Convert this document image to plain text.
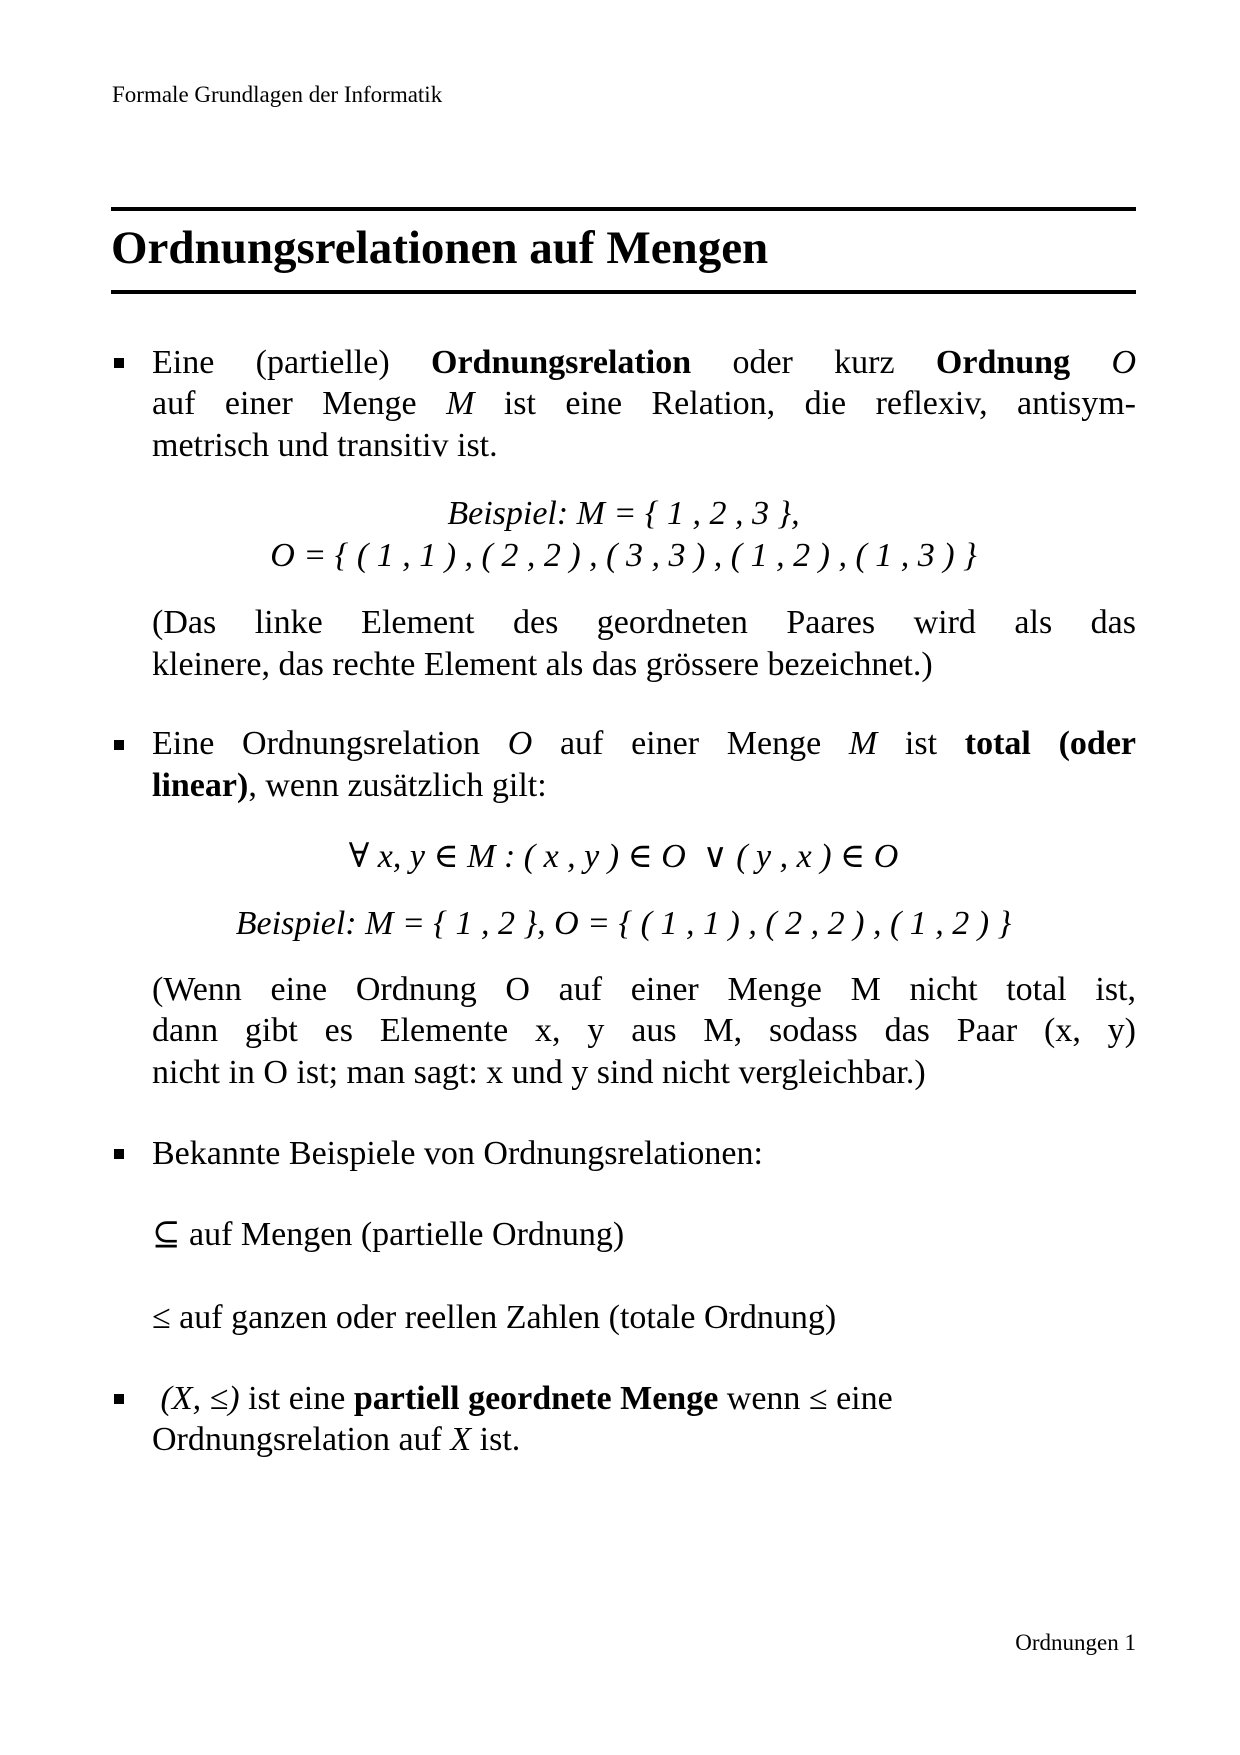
Formale Grundlagen der Informatik
Ordnungsrelationen auf Mengen
Eine (partielle) Ordnungsrelation oder kurz Ordnung O
auf einer Menge M ist eine Relation, die reflexiv, antisym-
metrisch und transitiv ist.
Beispiel: M = { 1 , 2 , 3 },
O = { ( 1 , 1 ) , ( 2 , 2 ) , ( 3 , 3 ) , ( 1 , 2 ) , ( 1 , 3 ) }
(Das linke Element des geordneten Paares wird als das
kleinere, das rechte Element als das grössere bezeichnet.)
Eine Ordnungsrelation O auf einer Menge M ist total (oder
linear), wenn zusätzlich gilt:
∀ x, y ∈ M : ( x , y ) ∈ O  ∨ ( y , x ) ∈ O
Beispiel: M = { 1 , 2 }, O = { ( 1 , 1 ) , ( 2 , 2 ) , ( 1 , 2 ) }
(Wenn eine Ordnung O auf einer Menge M nicht total ist,
dann gibt es Elemente x, y aus M, sodass das Paar (x, y)
nicht in O ist; man sagt: x und y sind nicht vergleichbar.)
Bekannte Beispiele von Ordnungsrelationen:
⊆ auf Mengen (partielle Ordnung)
≤ auf ganzen oder reellen Zahlen (totale Ordnung)
(X, ≤) ist eine partiell geordnete Menge wenn ≤ eine
Ordnungsrelation auf X ist.
Ordnungen 1
